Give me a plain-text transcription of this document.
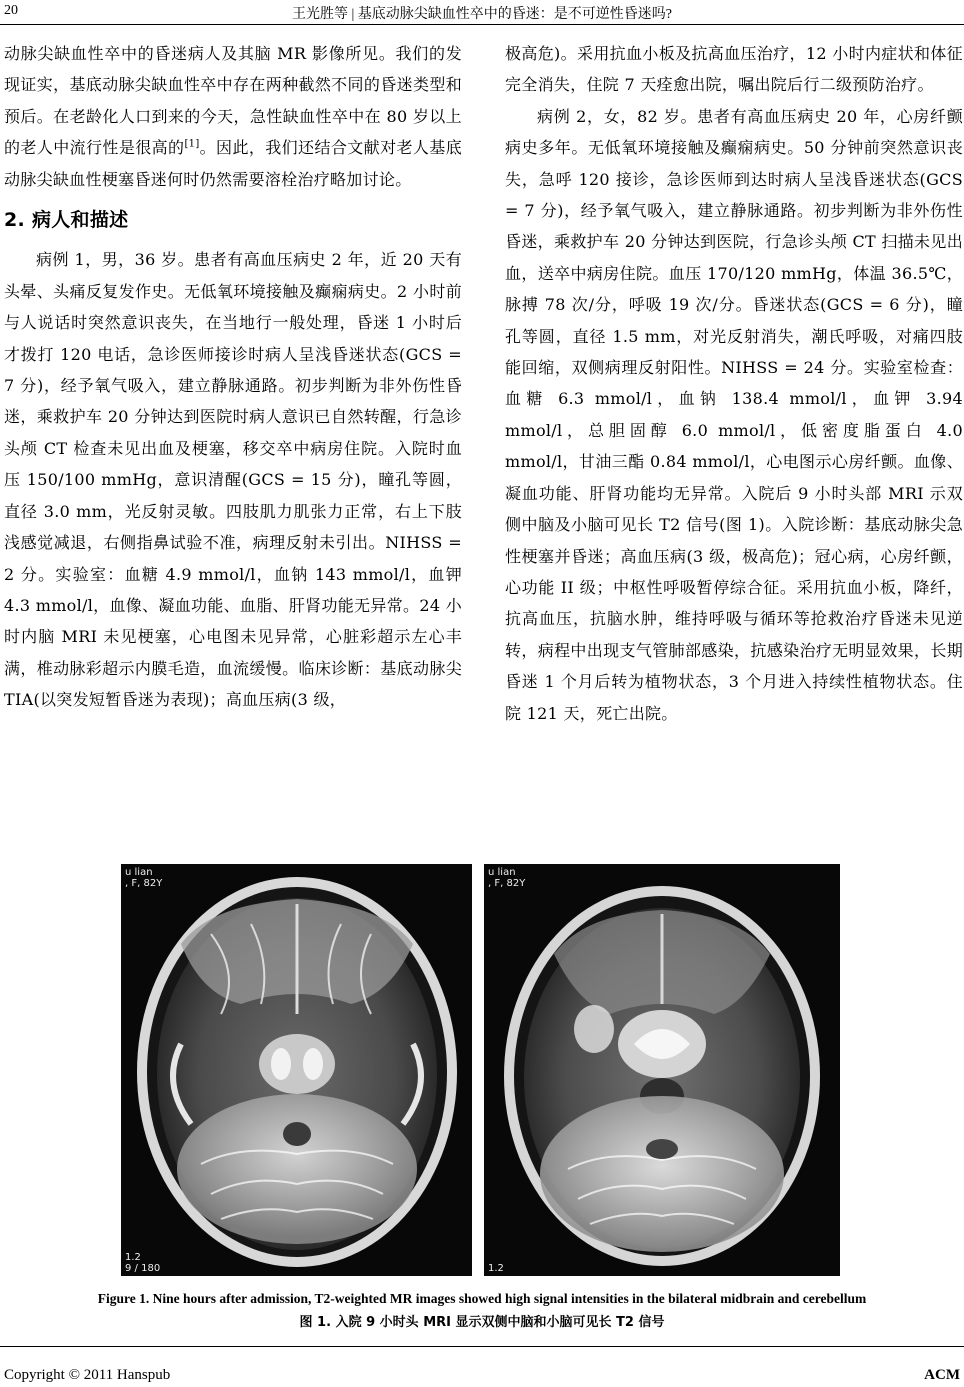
20	王光胜等 | 基底动脉尖缺血性卒中的昏迷：是不可逆性昏迷吗?

动脉尖缺血性卒中的昏迷病人及其脑 MR 影像所见。我们的发现证实，基底动脉尖缺血性卒中存在两种截然不同的昏迷类型和预后。在老龄化人口到来的今天，急性缺血性卒中在 80 岁以上的老人中流行性是很高的[1]。因此，我们还结合文献对老人基底动脉尖缺血性梗塞昏迷何时仍然需要溶栓治疗略加讨论。

2. 病人和描述

病例 1，男，36 岁。患者有高血压病史 2 年，近 20 天有头晕、头痛反复发作史。无低氧环境接触及癫痫病史。2 小时前与人说话时突然意识丧失，在当地行一般处理，昏迷 1 小时后才拨打 120 电话，急诊医师接诊时病人呈浅昏迷状态(GCS = 7 分)，经予氧气吸入，建立静脉通路。初步判断为非外伤性昏迷，乘救护车 20 分钟达到医院时病人意识已自然转醒，行急诊头颅 CT 检查未见出血及梗塞，移交卒中病房住院。入院时血压 150/100 mmHg，意识清醒(GCS = 15 分)，瞳孔等圆，直径 3.0 mm，光反射灵敏。四肢肌力肌张力正常，右上下肢浅感觉减退，右侧指鼻试验不准，病理反射未引出。NIHSS = 2 分。实验室：血糖 4.9 mmol/l，血钠 143 mmol/l，血钾 4.3 mmol/l，血像、凝血功能、血脂、肝肾功能无异常。24 小时内脑 MRI 未见梗塞，心电图未见异常，心脏彩超示左心丰满，椎动脉彩超示内膜毛造，血流缓慢。临床诊断：基底动脉尖 TIA(以突发短暂昏迷为表现)；高血压病(3 级，

极高危)。采用抗血小板及抗高血压治疗，12 小时内症状和体征完全消失，住院 7 天痊愈出院，嘱出院后行二级预防治疗。

病例 2，女，82 岁。患者有高血压病史 20 年，心房纤颤病史多年。无低氧环境接触及癫痫病史。50 分钟前突然意识丧失，急呼 120 接诊，急诊医师到达时病人呈浅昏迷状态(GCS = 7 分)，经予氧气吸入，建立静脉通路。初步判断为非外伤性昏迷，乘救护车 20 分钟达到医院，行急诊头颅 CT 扫描未见出血，送卒中病房住院。血压 170/120 mmHg，体温 36.5℃，脉搏 78 次/分，呼吸 19 次/分。昏迷状态(GCS = 6 分)，瞳孔等圆，直径 1.5 mm，对光反射消失，潮氏呼吸，对痛四肢能回缩，双侧病理反射阳性。NIHSS = 24 分。实验室检查：血糖 6.3 mmol/l，血钠 138.4 mmol/l，血钾 3.94 mmol/l，总胆固醇 6.0 mmol/l，低密度脂蛋白 4.0 mmol/l，甘油三酯 0.84 mmol/l，心电图示心房纤颤。血像、凝血功能、肝肾功能均无异常。入院后 9 小时头部 MRI 示双侧中脑及小脑可见长 T2 信号(图 1)。入院诊断：基底动脉尖急性梗塞并昏迷；高血压病(3 级，极高危)；冠心病，心房纤颤，心功能 II 级；中枢性呼吸暂停综合征。采用抗血小板，降纤，抗高血压，抗脑水肿，维持呼吸与循环等抢救治疗昏迷未见逆转，病程中出现支气管肺部感染，抗感染治疗无明显效果，长期昏迷 1 个月后转为植物状态，3 个月进入持续性植物状态。住院 121 天，死亡出院。

u lian
, F, 82Y
1.2
9 / 180
u lian
, F, 82Y
1.2
Figure 1. Nine hours after admission, T2-weighted MR images showed high signal intensities in the bilateral midbrain and cerebellum
图 1. 入院 9 小时头 MRI 显示双侧中脑和小脑可见长 T2 信号
Copyright © 2011 Hanspub	ACM
